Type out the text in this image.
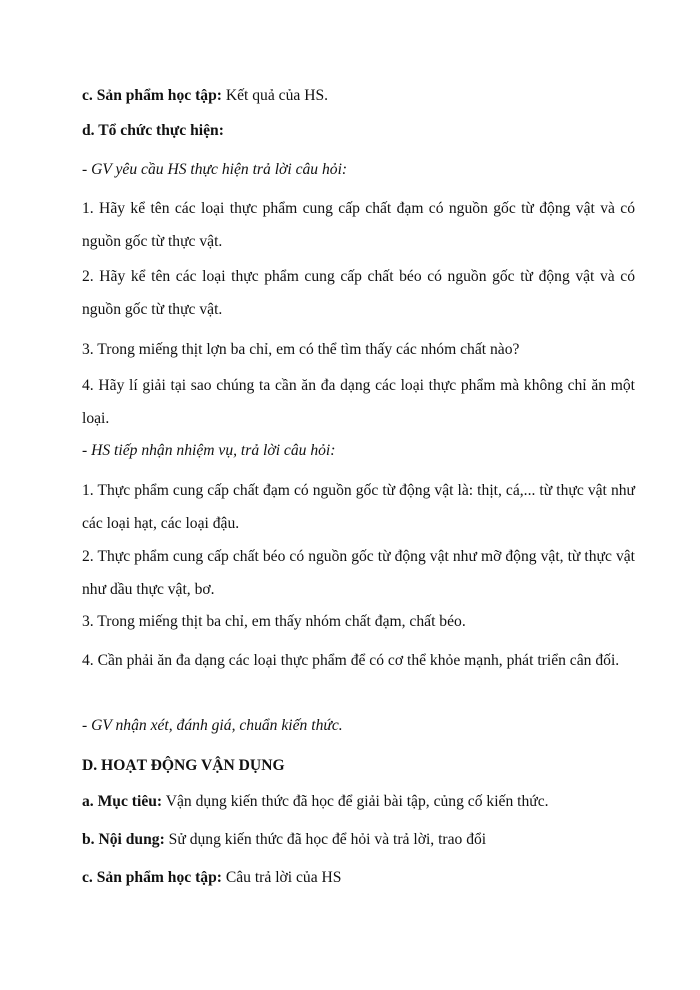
c. Sản phẩm học tập: Kết quả của HS.
d. Tổ chức thực hiện:
- GV yêu cầu HS thực hiện trả lời câu hỏi:
1. Hãy kể tên các loại thực phẩm cung cấp chất đạm có nguồn gốc từ động vật và có nguồn gốc từ thực vật.
2. Hãy kể tên các loại thực phẩm cung cấp chất béo có nguồn gốc từ động vật và có nguồn gốc từ thực vật.
3. Trong miếng thịt lợn ba chỉ, em có thể tìm thấy các nhóm chất nào?
4. Hãy lí giải tại sao chúng ta cần ăn đa dạng các loại thực phẩm mà không chỉ ăn một loại.
- HS tiếp nhận nhiệm vụ, trả lời câu hỏi:
1. Thực phẩm cung cấp chất đạm có nguồn gốc từ động vật là: thịt, cá,... từ thực vật như các loại hạt, các loại đậu.
2. Thực phẩm cung cấp chất béo có nguồn gốc từ động vật như mỡ động vật, từ thực vật như dầu thực vật, bơ.
3. Trong miếng thịt ba chỉ, em thấy nhóm chất đạm, chất béo.
4. Cần phải ăn đa dạng các loại thực phẩm để có cơ thể khỏe mạnh, phát triển cân đối.
- GV nhận xét, đánh giá, chuẩn kiến thức.
D. HOẠT ĐỘNG VẬN DỤNG
a. Mục tiêu: Vận dụng kiến thức đã học để giải bài tập, củng cố kiến thức.
b. Nội dung: Sử dụng kiến thức đã học để hỏi và trả lời, trao đổi
c. Sản phẩm học tập: Câu trả lời của HS
